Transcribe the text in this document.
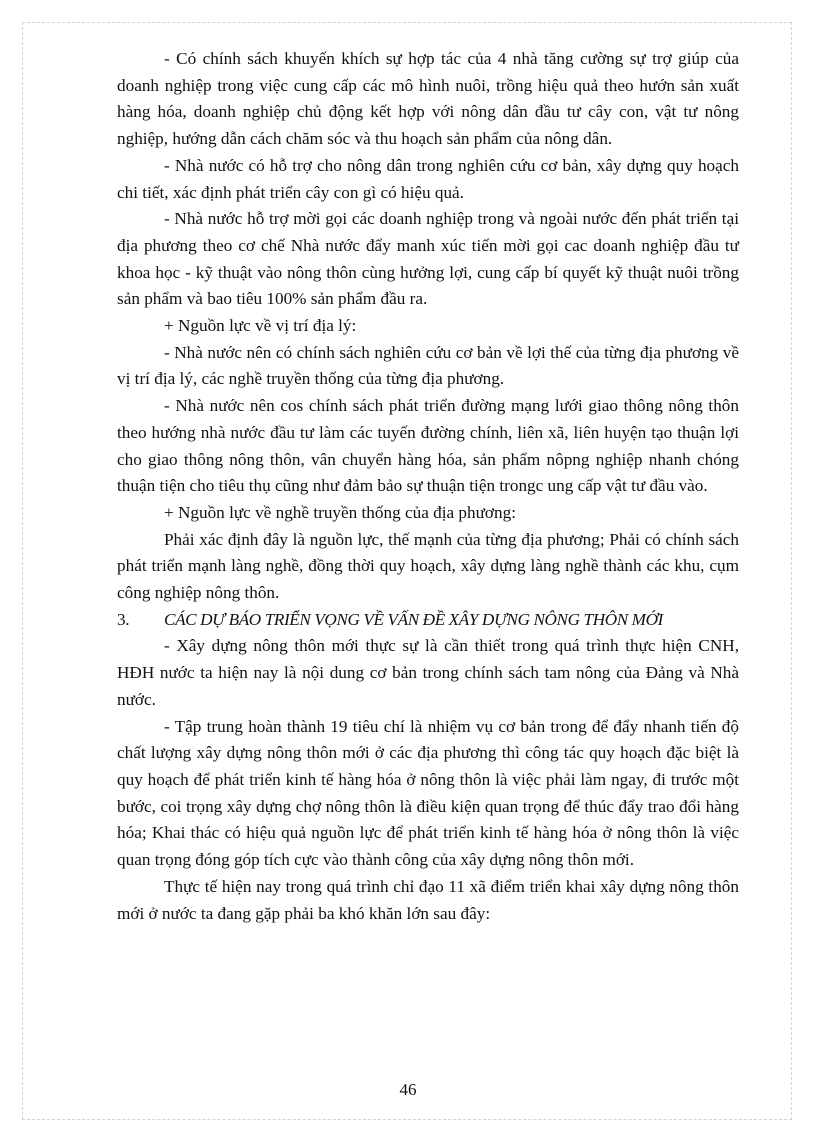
- Có chính sách khuyến khích sự hợp tác của 4 nhà tăng cường sự trợ giúp của doanh nghiệp trong việc cung cấp các mô hình nuôi, trồng hiệu quả theo hướn sản xuất hàng hóa, doanh nghiệp chủ động kết hợp với nông dân đầu tư cây con, vật tư nông nghiệp, hướng dẫn cách chăm sóc và thu hoạch sản phẩm của nông dân.

- Nhà nước có hỗ trợ cho nông dân trong nghiên cứu cơ bản, xây dựng quy hoạch chi tiết, xác định phát triển cây con gì có hiệu quả.

- Nhà nước hỗ trợ mời gọi các doanh nghiệp trong và ngoài nước đến phát triển tại địa phương theo cơ chế Nhà nước đẩy manh xúc tiến mời gọi cac doanh nghiệp đầu tư khoa học - kỹ thuật vào nông thôn cùng hưởng lợi, cung cấp bí quyết kỹ thuật nuôi trồng sản phẩm và bao tiêu 100% sản phẩm đầu ra.

+ Nguồn lực về vị trí địa lý:

- Nhà nước nên có chính sách nghiên cứu cơ bản về lợi thế của từng địa phương về vị trí địa lý, các nghề truyền thống của từng địa phương.

- Nhà nước nên cos chính sách phát triển đường mạng lưới giao thông nông thôn theo hướng nhà nước đầu tư làm các tuyến đường chính, liên xã, liên huyện tạo thuận lợi cho giao thông nông thôn, vân chuyển hàng hóa, sản phẩm nôpng nghiệp nhanh chóng thuận tiện cho tiêu thụ cũng như đảm bảo sự thuận tiện trongc ung cấp vật tư đầu vào.

+ Nguồn lực về nghề truyền thống của địa phương:

Phải xác định đây là nguồn lực, thế mạnh của từng địa phương; Phải có chính sách phát triển mạnh làng nghề, đồng thời quy hoạch, xây dựng làng nghề thành các khu, cụm công nghiệp nông thôn.

3.	CÁC DỰ BÁO TRIỂN VỌNG VỀ VẤN ĐỀ XÂY DỰNG NÔNG THÔN MỚI

- Xây dựng nông thôn mới thực sự là cần thiết trong quá trình thực hiện CNH, HĐH nước ta hiện nay là nội dung cơ bản trong chính sách tam nông của Đảng và Nhà nước.

- Tập trung hoàn thành 19 tiêu chí là nhiệm vụ cơ bản trong để đẩy nhanh tiến độ chất lượng xây dựng nông thôn mới ở các địa phương thì công tác quy hoạch đặc biệt là quy hoạch để phát triển kinh tế hàng hóa ở nông thôn là việc phải làm ngay, đi trước một bước, coi trọng xây dựng chợ nông thôn là điều kiện quan trọng để thúc đẩy trao đổi hàng hóa; Khai thác có hiệu quả nguồn lực để phát triển kinh tế hàng hóa ở nông thôn là việc quan trọng đóng góp tích cực vào thành công của xây dựng nông thôn mới.

Thực tế hiện nay trong quá trình chỉ đạo 11 xã điểm triển khai xây dựng nông thôn mới ở nước ta đang gặp phải ba khó khăn lớn sau đây:

46
